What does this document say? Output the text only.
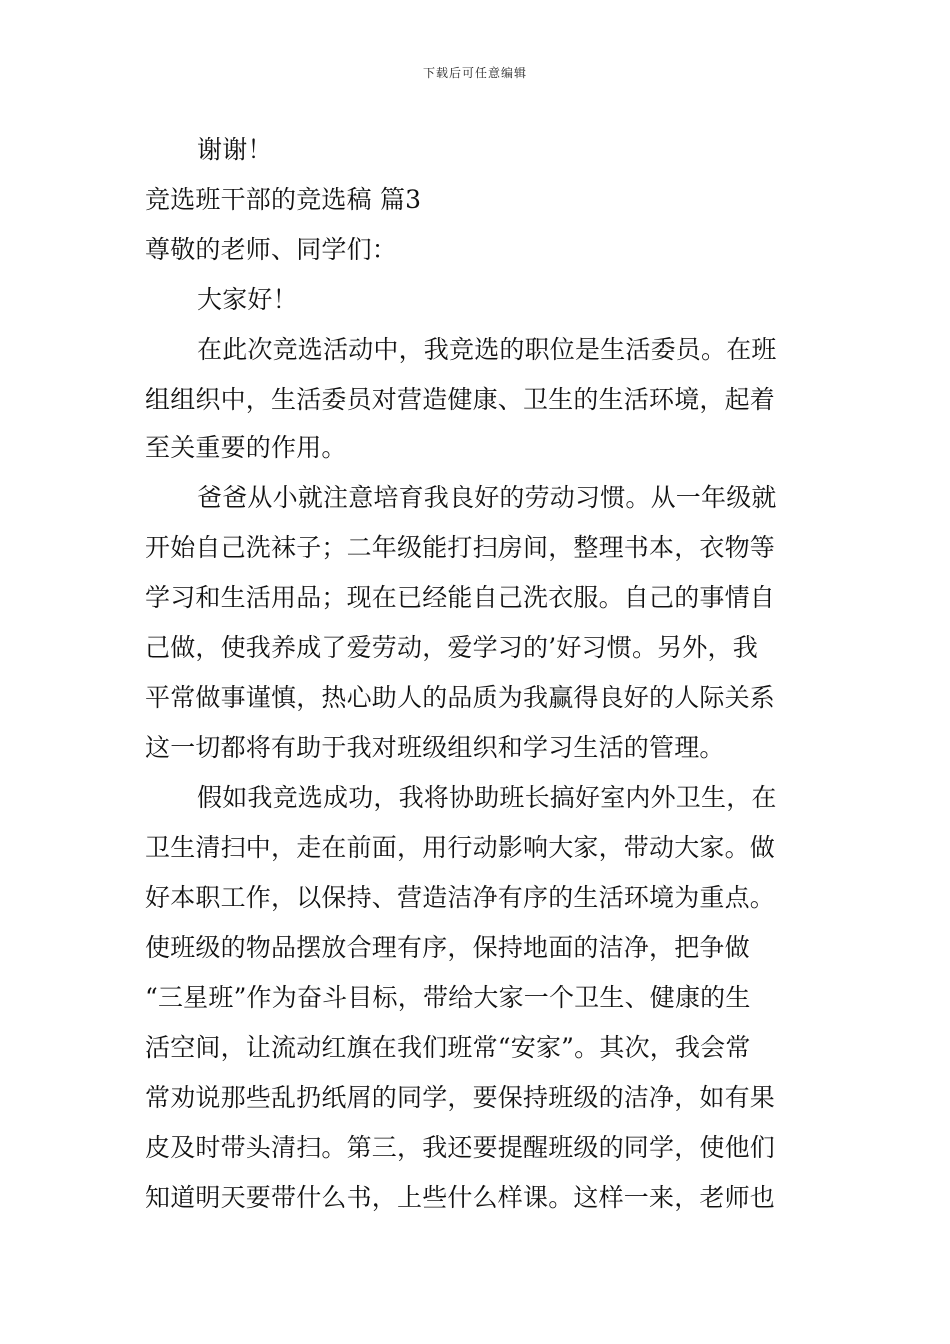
下载后可任意编辑
谢谢！
竞选班干部的竞选稿 篇3
尊敬的老师、同学们：
大家好！
在此次竞选活动中，我竞选的职位是生活委员。在班
组组织中，生活委员对营造健康、卫生的生活环境，起着
至关重要的作用。
爸爸从小就注意培育我良好的劳动习惯。从一年级就
开始自己洗袜子；二年级能打扫房间，整理书本，衣物等
学习和生活用品；现在已经能自己洗衣服。自己的事情自
己做，使我养成了爱劳动，爱学习的’好习惯。另外，我
平常做事谨慎，热心助人的品质为我赢得良好的人际关系
这一切都将有助于我对班级组织和学习生活的管理。
假如我竞选成功，我将协助班长搞好室内外卫生，在
卫生清扫中，走在前面，用行动影响大家，带动大家。做
好本职工作，以保持、营造洁净有序的生活环境为重点。
使班级的物品摆放合理有序，保持地面的洁净，把争做
“三星班”作为奋斗目标，带给大家一个卫生、健康的生
活空间，让流动红旗在我们班常“安家”。其次，我会常
常劝说那些乱扔纸屑的同学，要保持班级的洁净，如有果
皮及时带头清扫。第三，我还要提醒班级的同学，使他们
知道明天要带什么书，上些什么样课。这样一来，老师也
